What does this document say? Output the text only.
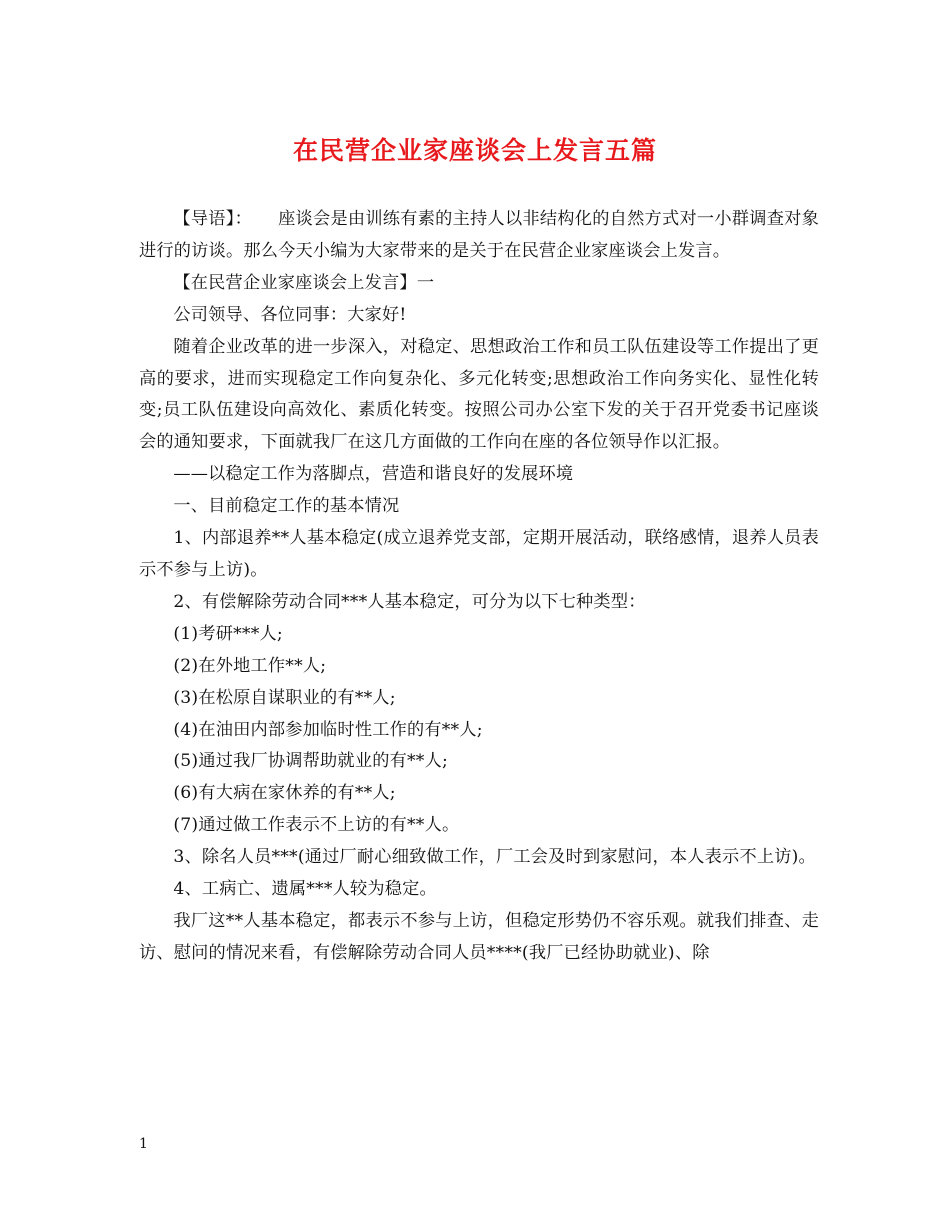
在民营企业家座谈会上发言五篇

【导语】： 座谈会是由训练有素的主持人以非结构化的自然方式对一小群调查对象进行的访谈。那么今天小编为大家带来的是关于在民营企业家座谈会上发言。

【在民营企业家座谈会上发言】一

公司领导、各位同事：大家好!

随着企业改革的进一步深入，对稳定、思想政治工作和员工队伍建设等工作提出了更高的要求，进而实现稳定工作向复杂化、多元化转变;思想政治工作向务实化、显性化转变;员工队伍建设向高效化、素质化转变。按照公司办公室下发的关于召开党委书记座谈会的通知要求，下面就我厂在这几方面做的工作向在座的各位领导作以汇报。

——以稳定工作为落脚点，营造和谐良好的发展环境

一、目前稳定工作的基本情况

1、内部退养**人基本稳定(成立退养党支部，定期开展活动，联络感情，退养人员表示不参与上访)。

2、有偿解除劳动合同***人基本稳定，可分为以下七种类型：

(1)考研***人;

(2)在外地工作**人;

(3)在松原自谋职业的有**人;

(4)在油田内部参加临时性工作的有**人;

(5)通过我厂协调帮助就业的有**人;

(6)有大病在家休养的有**人;

(7)通过做工作表示不上访的有**人。

3、除名人员***(通过厂耐心细致做工作，厂工会及时到家慰问，本人表示不上访)。

4、工病亡、遗属***人较为稳定。

我厂这**人基本稳定，都表示不参与上访，但稳定形势仍不容乐观。就我们排查、走访、慰问的情况来看，有偿解除劳动合同人员****(我厂已经协助就业)、除

1
